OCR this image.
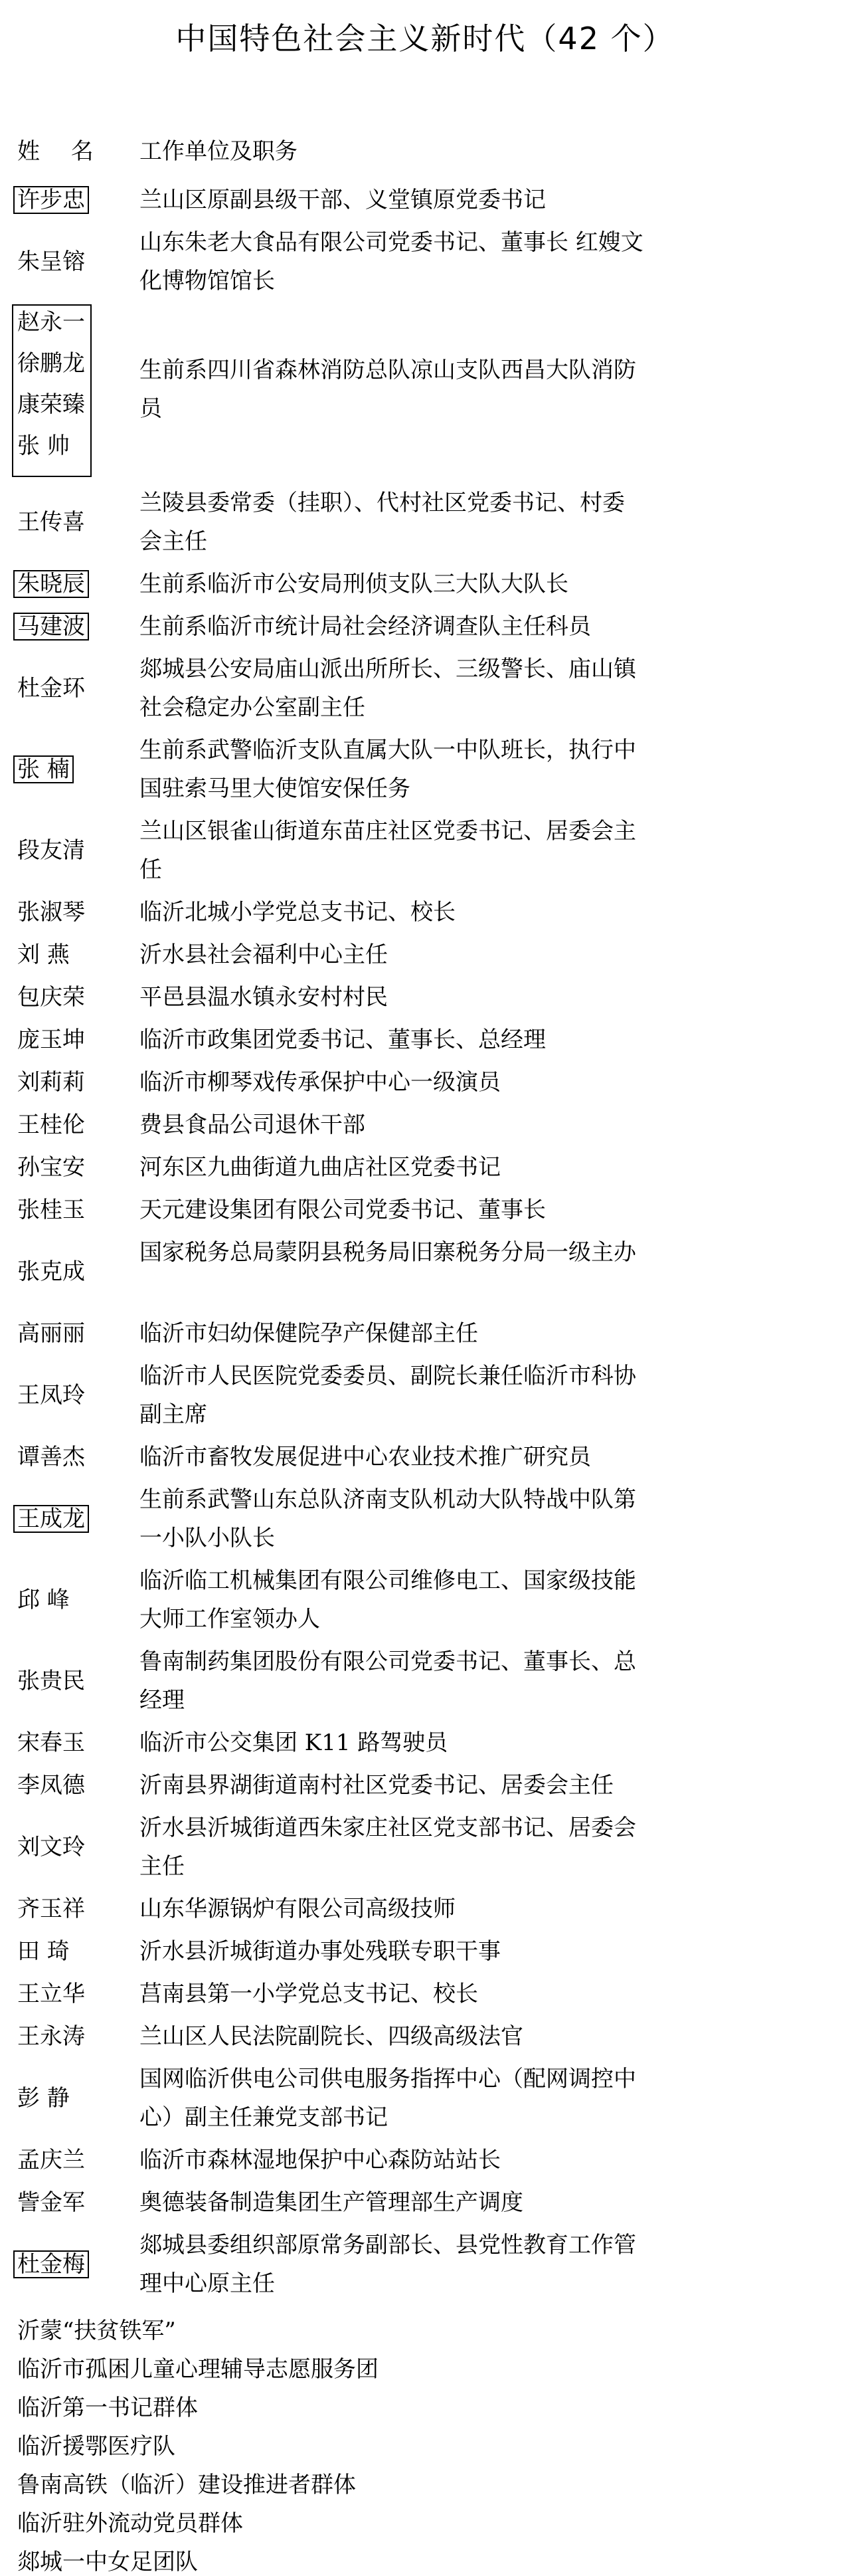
中国特色社会主义新时代（42 个）
姓 名 工作单位及职务
许步忠 兰山区原副县级干部、义堂镇原党委书记
朱呈镕
山东朱老大食品有限公司党委书记、董事长 红嫂文化博物馆馆长
赵永一
徐鹏龙
康荣臻
张 帅
生前系四川省森林消防总队凉山支队西昌大队消防员
王传喜
兰陵县委常委（挂职）、代村社区党委书记、村委会主任
朱晓辰 生前系临沂市公安局刑侦支队三大队大队长
马建波 生前系临沂市统计局社会经济调查队主任科员
杜金环
郯城县公安局庙山派出所所长、三级警长、庙山镇社会稳定办公室副主任
张 楠
生前系武警临沂支队直属大队一中队班长，执行中国驻索马里大使馆安保任务
段友清
兰山区银雀山街道东苗庄社区党委书记、居委会主任
张淑琴 临沂北城小学党总支书记、校长
刘 燕	沂水县社会福利中心主任
包庆荣 平邑县温水镇永安村村民
庞玉坤 临沂市政集团党委书记、董事长、总经理
刘莉莉 临沂市柳琴戏传承保护中心一级演员
王桂伦 费县食品公司退休干部
孙宝安 河东区九曲街道九曲店社区党委书记
张桂玉 天元建设集团有限公司党委书记、董事长
张克成
国家税务总局蒙阴县税务局旧寨税务分局一级主办
高丽丽 临沂市妇幼保健院孕产保健部主任
王凤玲
临沂市人民医院党委委员、副院长兼任临沂市科协副主席
谭善杰 临沂市畜牧发展促进中心农业技术推广研究员
王成龙
生前系武警山东总队济南支队机动大队特战中队第一小队小队长
邱 峰
临沂临工机械集团有限公司维修电工、国家级技能大师工作室领办人
张贵民
鲁南制药集团股份有限公司党委书记、董事长、总经理
宋春玉 临沂市公交集团 K11 路驾驶员
李凤德 沂南县界湖街道南村社区党委书记、居委会主任
刘文玲
沂水县沂城街道西朱家庄社区党支部书记、居委会主任
齐玉祥 山东华源锅炉有限公司高级技师
田 琦	沂水县沂城街道办事处残联专职干事
王立华 莒南县第一小学党总支书记、校长
王永涛 兰山区人民法院副院长、四级高级法官
彭 静
国网临沂供电公司供电服务指挥中心（配网调控中心）副主任兼党支部书记
孟庆兰 临沂市森林湿地保护中心森防站站长
訾金军 奥德装备制造集团生产管理部生产调度
杜金梅
郯城县委组织部原常务副部长、县党性教育工作管理中心原主任
沂蒙“扶贫铁军”
临沂市孤困儿童心理辅导志愿服务团
临沂第一书记群体
临沂援鄂医疗队
鲁南高铁（临沂）建设推进者群体
临沂驻外流动党员群体
郯城一中女足团队
